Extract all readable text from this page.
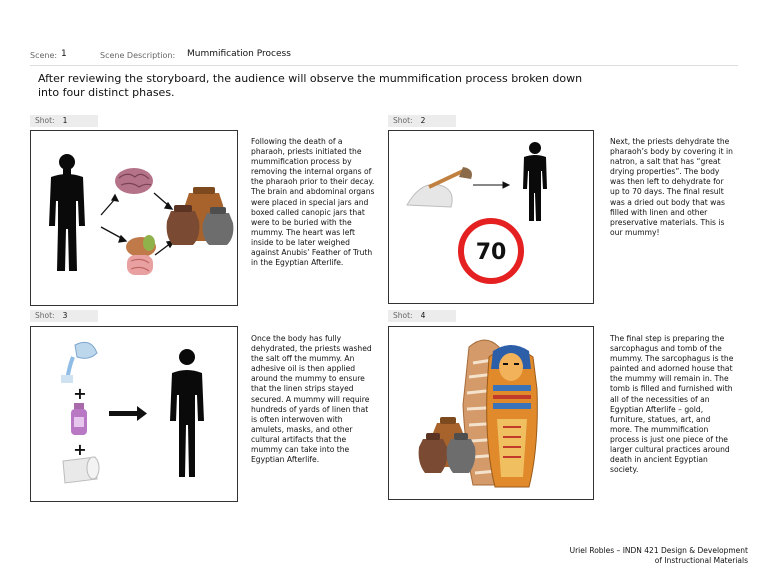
Scene: 1	Scene Description: Mummification Process
After reviewing the storyboard, the audience will observe the mummification process broken down into four distinct phases.
Shot: 1
Following the death of a pharaoh, priests initiated the mummification process by removing the internal organs of the pharaoh prior to their decay. The brain and abdominal organs were placed in special jars and boxed called canopic jars that were to be buried with the mummy. The heart was left inside to be later weighed against Anubis’ Feather of Truth in the Egyptian Afterlife.
Shot: 2
70
Next, the priests dehydrate the pharaoh’s body by covering it in natron, a salt that has “great drying properties”. The body was then left to dehydrate for up to 70 days. The final result was a dried out body that was filled with linen and other preservative materials. This is our mummy!
Shot: 3
+
+
Once the body has fully dehydrated, the priests washed the salt off the mummy. An adhesive oil is then applied around the mummy to ensure that the linen strips stayed secured. A mummy will require hundreds of yards of linen that is often interwoven with amulets, masks, and other cultural artifacts that the mummy can take into the Egyptian Afterlife.
Shot: 4
The final step is preparing the sarcophagus and tomb of the mummy. The sarcophagus is the painted and adorned house that the mummy will remain in. The tomb is filled and furnished with all of the necessities of an Egyptian Afterlife – gold, furniture, statues, art, and more. The mummification process is just one piece of the larger cultural practices around death in ancient Egyptian society.
Uriel Robles – INDN 421 Design & Development
of Instructional Materials
